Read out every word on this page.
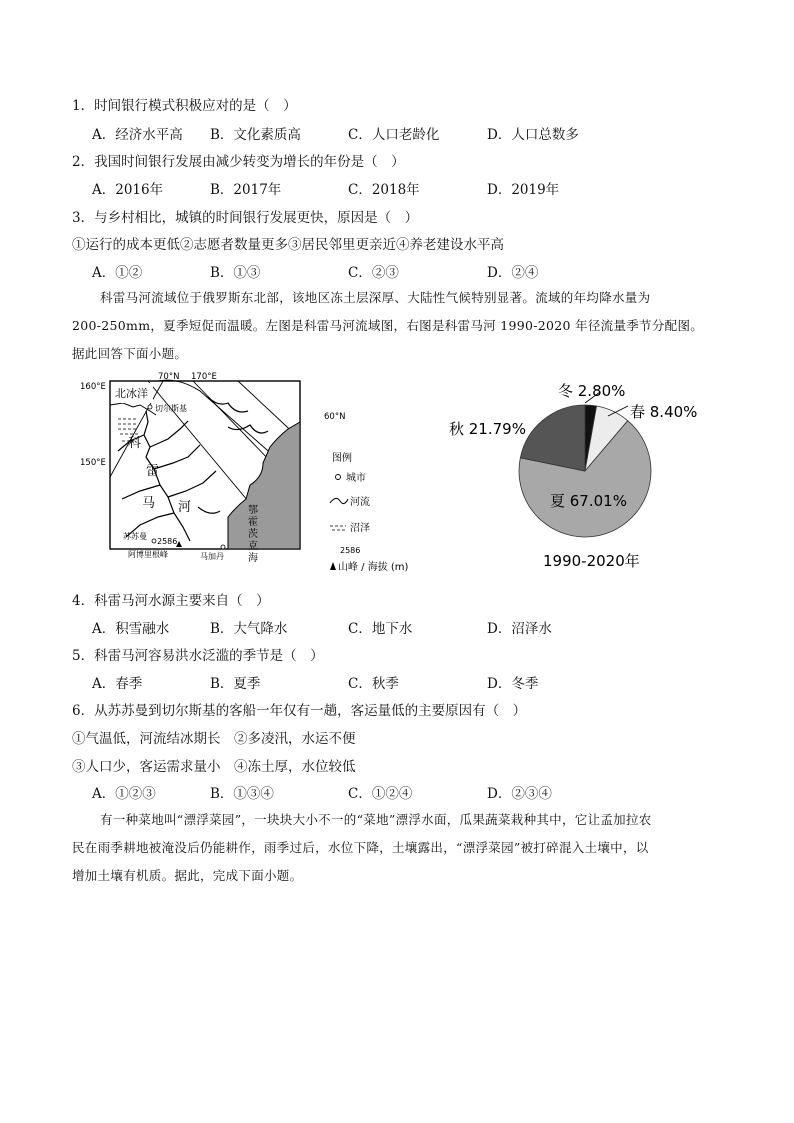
1．时间银行模式积极应对的是（　）
A．经济水平高 B．文化素质高	C．人口老龄化	D．人口总数多
2．我国时间银行发展由减少转变为增长的年份是（　）
A．2016年	B．2017年	C．2018年	D．2019年
3．与乡村相比，城镇的时间银行发展更快，原因是（　）
①运行的成本更低②志愿者数量更多③居民邻里更亲近④养老建设水平高
A．①②	B．①③	C．②③	D．②④
科雷马河流域位于俄罗斯东北部，该地区冻土层深厚、大陆性气候特别显著。流域的年均降水量为
200-250mm，夏季短促而温暖。左图是科雷马河流域图，右图是科雷马河 1990-2020 年径流量季节分配图。
据此回答下面小题。
北冰洋
70°N 170°E
160°E
150°E
60°N
切尔斯基
科
雷
马 河	鄂
霍
茨
克
海
苏苏曼
2586
阿博里根峰	马加丹
图例
城市
河流
沼泽
2586
山峰 / 海拔 (m)
冬 2.80%
春 8.40%
夏 67.01%
秋 21.79%
1990-2020年
4．科雷马河水源主要来自（　）
A．积雪融水	B．大气降水	C．地下水	D．沼泽水
5．科雷马河容易洪水泛滥的季节是（　）
A．春季	B．夏季	C．秋季	D．冬季
6．从苏苏曼到切尔斯基的客船一年仅有一趟，客运量低的主要原因有（　）
①气温低，河流结冰期长　②多凌汛，水运不便
③人口少，客运需求量小　④冻土厚，水位较低
A．①②③	B．①③④	C．①②④	D．②③④
有一种菜地叫“漂浮菜园”，一块块大小不一的“菜地”漂浮水面，瓜果蔬菜栽种其中，它让孟加拉农
民在雨季耕地被淹没后仍能耕作，雨季过后，水位下降，土壤露出，“漂浮菜园”被打碎混入土壤中，以
增加土壤有机质。据此，完成下面小题。
